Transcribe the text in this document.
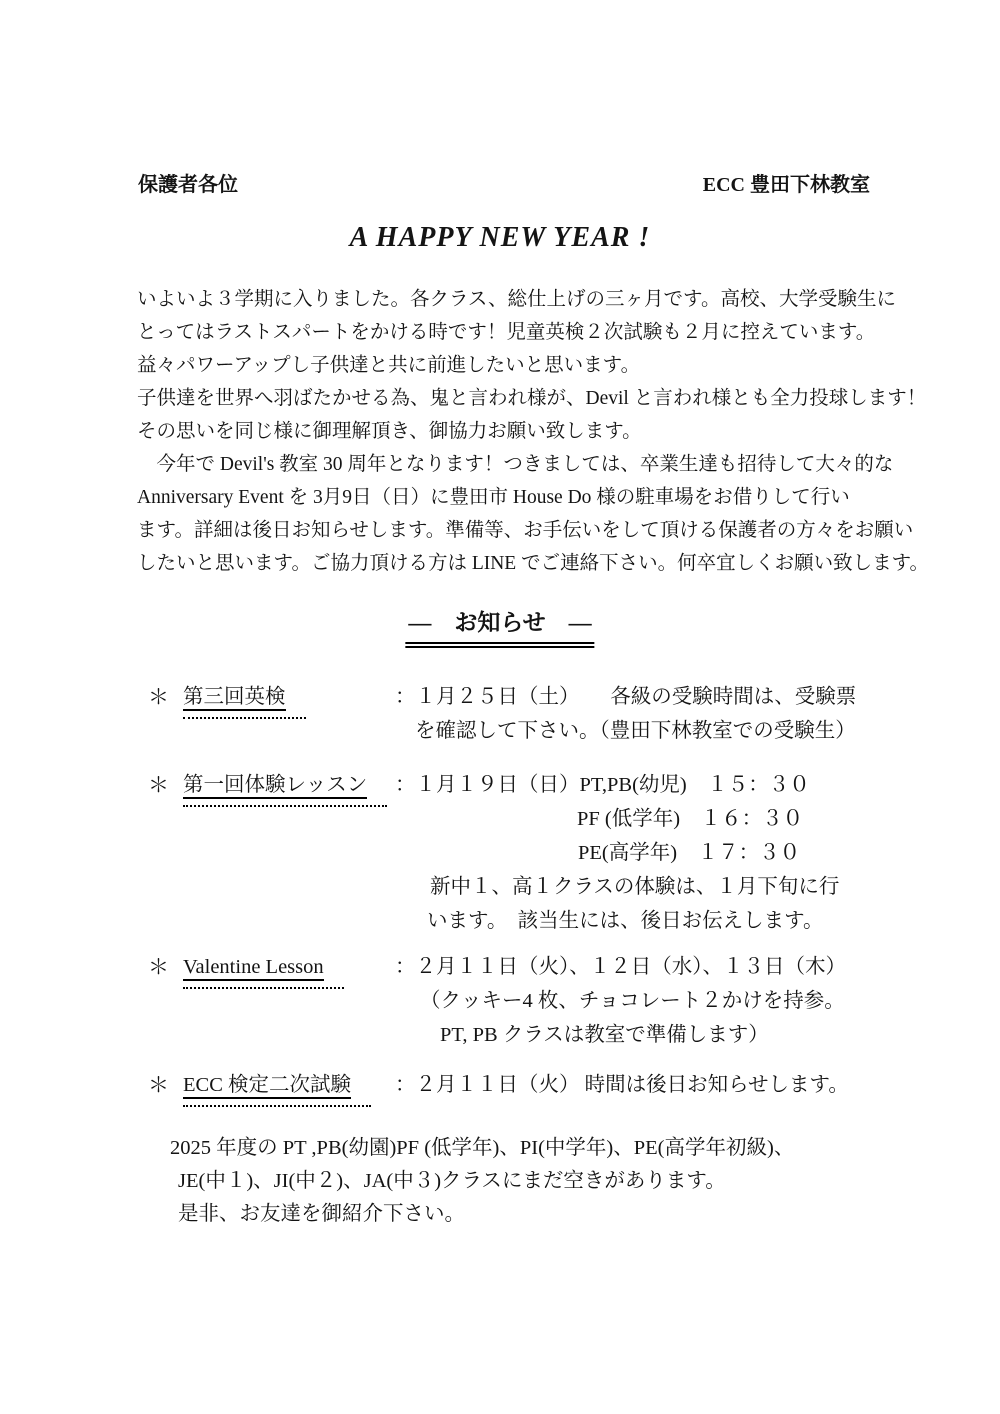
保護者各位	ECC 豊田下林教室
A HAPPY NEW YEAR !
いよいよ３学期に入りました。各クラス、総仕上げの三ヶ月です。高校、大学受験生に
とってはラストスパートをかける時です！児童英検２次試験も２月に控えています。
益々パワーアップし子供達と共に前進したいと思います。
子供達を世界へ羽ばたかせる為、鬼と言われ様が、Devil と言われ様とも全力投球します！
その思いを同じ様に御理解頂き、御協力お願い致します。
　今年で Devil's 教室 30 周年となります！つきましては、卒業生達も招待して大々的な
Anniversary Event を 3月9日（日）に豊田市 House Do 様の駐車場をお借りして行い
ます。詳細は後日お知らせします。準備等、お手伝いをして頂ける保護者の方々をお願い
したいと思います。ご協力頂ける方は LINE でご連絡下さい。何卒宜しくお願い致します。
―　お知らせ　―
＊ 第三回英検	：１月２５日（土）　　各級の受験時間は、受験票
を確認して下さい。（豊田下林教室での受験生）
＊ 第一回体験レッスン	：１月１９日（日）PT,PB(幼児)　１５：３０
PF (低学年)　１６：３０
PE(高学年)　１７：３０
新中１、高１クラスの体験は、１月下旬に行
います。　該当生には、後日お伝えします。
＊ Valentine Lesson	：２月１１日（火）、１２日（水）、１３日（木）
（クッキー4 枚、チョコレート２かけを持参。
PT, PB クラスは教室で準備します）
＊ ECC 検定二次試験	：２月１１日（火） 時間は後日お知らせします。
2025 年度の PT ,PB(幼園)PF (低学年)、PI(中学年)、PE(高学年初級)、
JE(中１)、JI(中２)、JA(中３)クラスにまだ空きがあります。
是非、お友達を御紹介下さい。
